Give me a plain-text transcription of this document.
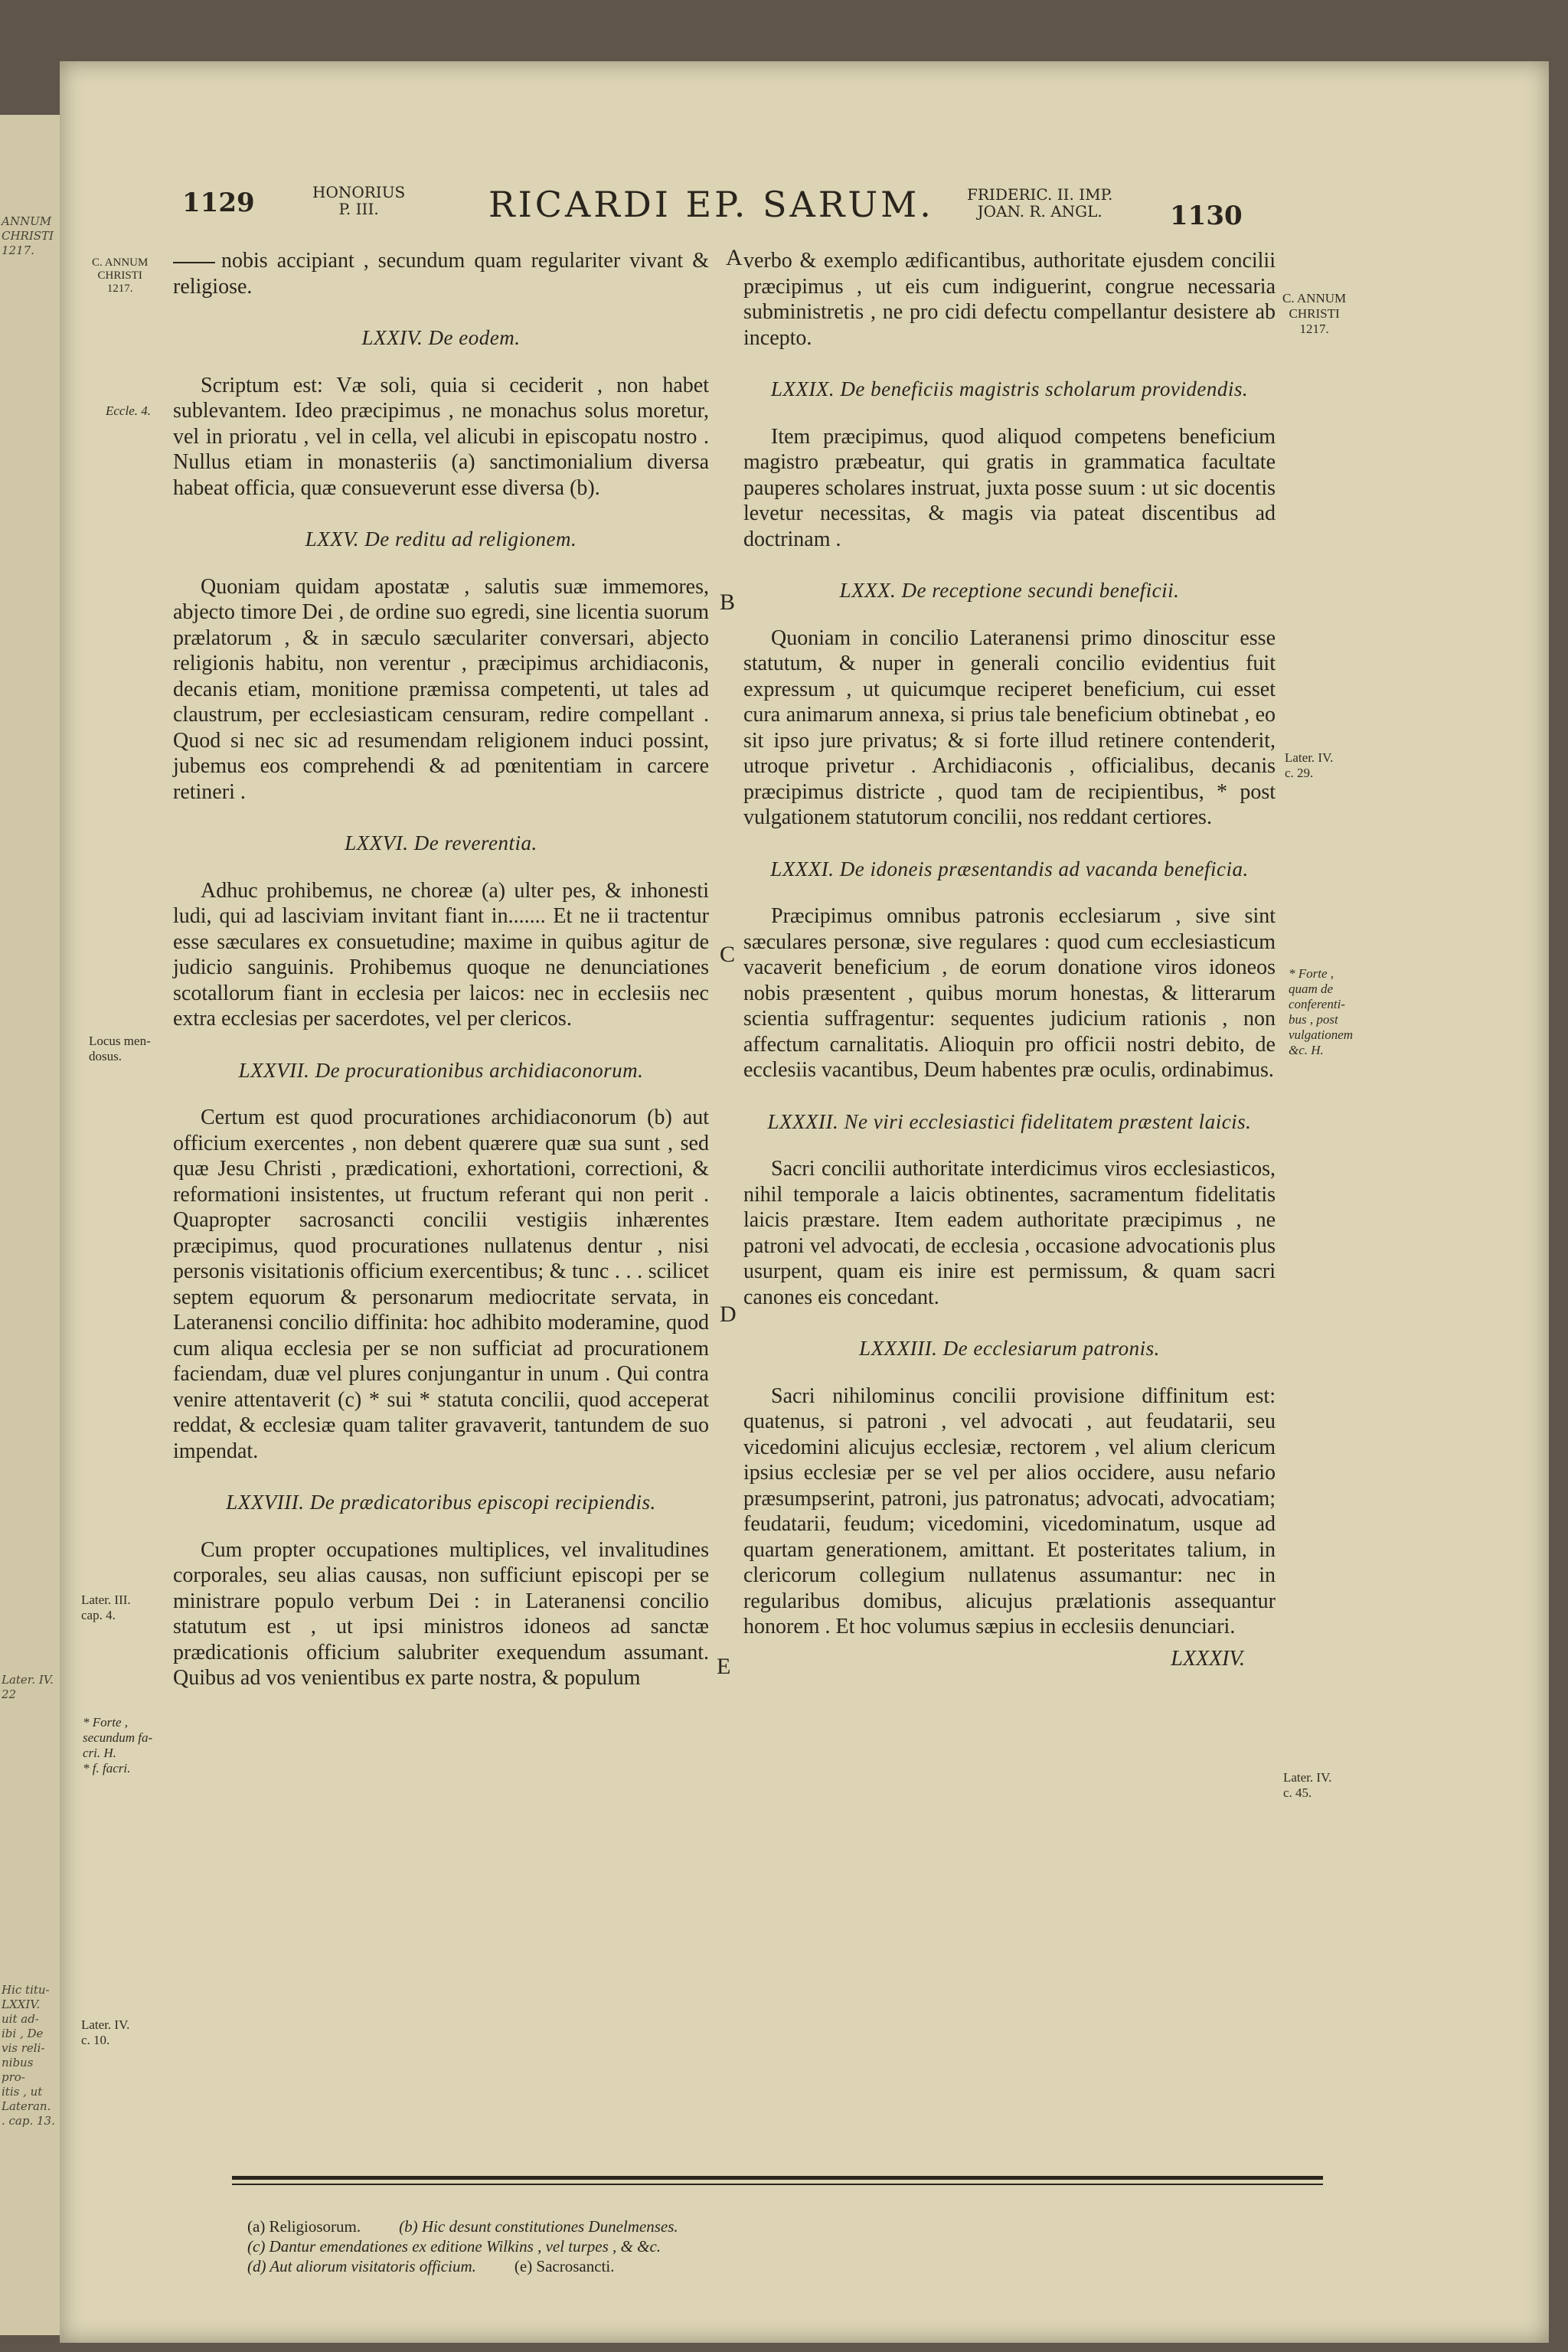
1129	HONORIUS
P. III.	RICARDI EP. SARUM. FRIDERIC. II. IMP.
JOAN. R. ANGL.	1130
C. ANNUM
CHRISTI
1217.
Eccle. 4.
Locus men-
dosus.
Later. III.
cap. 4.
* Forte ,
secundum fa-
cri. H.
* f. facri.
Later. IV.
c. 10.
C. ANNUM
CHRISTI
1217.
Later. IV.
c. 29.
* Forte ,
quam de
conferenti-
bus , post
vulgationem
&c. H.
Later. IV.
c. 45.
A
B
C
D
E

nobis accipiant , secundum quam regulariter vivant & religiose.

LXXIV. De eodem.

Scriptum est: Væ soli, quia si ceciderit , non habet sublevantem. Ideo præcipimus , ne monachus solus moretur, vel in prioratu , vel in cella, vel alicubi in episcopatu nostro . Nullus etiam in monasteriis (a) sanctimonialium diversa habeat officia, quæ consueverunt esse diversa (b).

LXXV. De reditu ad religionem.

Quoniam quidam apostatæ , salutis suæ immemores, abjecto timore Dei , de ordine suo egredi, sine licentia suorum prælatorum , & in sæculo sæculariter conversari, abjecto religionis habitu, non verentur , præcipimus archidiaconis, decanis etiam, monitione præmissa competenti, ut tales ad claustrum, per ecclesiasticam censuram, redire compellant . Quod si nec sic ad resumendam religionem induci possint, jubemus eos comprehendi & ad pœnitentiam in carcere retineri .

LXXVI. De reverentia.

Adhuc prohibemus, ne choreæ (a) ulter pes, & inhonesti ludi, qui ad lasciviam invitant fiant in....... Et ne ii tractentur esse sæculares ex consuetudine; maxime in quibus agitur de judicio sanguinis. Prohibemus quoque ne denunciationes scotallorum fiant in ecclesia per laicos: nec in ecclesiis nec extra ecclesias per sacerdotes, vel per clericos.

LXXVII. De procurationibus archidiaconorum.

Certum est quod procurationes archidiaconorum (b) aut officium exercentes , non debent quærere quæ sua sunt , sed quæ Jesu Christi , prædicationi, exhortationi, correctioni, & reformationi insistentes, ut fructum referant qui non perit . Quapropter sacrosancti concilii vestigiis inhærentes præcipimus, quod procurationes nullatenus dentur , nisi personis visitationis officium exercentibus; & tunc . . . scilicet septem equorum & personarum mediocritate servata, in Lateranensi concilio diffinita: hoc adhibito moderamine, quod cum aliqua ecclesia per se non sufficiat ad procurationem faciendam, duæ vel plures conjungantur in unum . Qui contra venire attentaverit (c) * sui * statuta concilii, quod acceperat reddat, & ecclesiæ quam taliter gravaverit, tantundem de suo impendat.

LXXVIII. De prædicatoribus episcopi recipiendis.

Cum propter occupationes multiplices, vel invalitudines corporales, seu alias causas, non sufficiunt episcopi per se ministrare populo verbum Dei : in Lateranensi concilio statutum est , ut ipsi ministros idoneos ad sanctæ prædicationis officium salubriter exequendum assumant. Quibus ad vos venientibus ex parte nostra, & populum

verbo & exemplo ædificantibus, authoritate ejusdem concilii præcipimus , ut eis cum indiguerint, congrue necessaria subministretis , ne pro cidi defectu compellantur desistere ab incepto.

LXXIX. De beneficiis magistris scholarum providendis.

Item præcipimus, quod aliquod competens beneficium magistro præbeatur, qui gratis in grammatica facultate pauperes scholares instruat, juxta posse suum : ut sic docentis levetur necessitas, & magis via pateat discentibus ad doctrinam .

LXXX. De receptione secundi beneficii.

Quoniam in concilio Lateranensi primo dinoscitur esse statutum, & nuper in generali concilio evidentius fuit expressum , ut quicumque reciperet beneficium, cui esset cura animarum annexa, si prius tale beneficium obtinebat , eo sit ipso jure privatus; & si forte illud retinere contenderit, utroque privetur . Archidiaconis , officialibus, decanis præcipimus districte , quod tam de recipientibus, * post vulgationem statutorum concilii, nos reddant certiores.

LXXXI. De idoneis præsentandis ad vacanda beneficia.

Præcipimus omnibus patronis ecclesiarum , sive sint sæculares personæ, sive regulares : quod cum ecclesiasticum vacaverit beneficium , de eorum donatione viros idoneos nobis præsentent , quibus morum honestas, & litterarum scientia suffragentur: sequentes judicium rationis , non affectum carnalitatis. Alioquin pro officii nostri debito, de ecclesiis vacantibus, Deum habentes præ oculis, ordinabimus.

LXXXII. Ne viri ecclesiastici fidelitatem præstent laicis.

Sacri concilii authoritate interdicimus viros ecclesiasticos, nihil temporale a laicis obtinentes, sacramentum fidelitatis laicis præstare. Item eadem authoritate præcipimus , ne patroni vel advocati, de ecclesia , occasione advocationis plus usurpent, quam eis inire est permissum, & quam sacri canones eis concedant.

LXXXIII. De ecclesiarum patronis.

Sacri nihilominus concilii provisione diffinitum est: quatenus, si patroni , vel advocati , aut feudatarii, seu vicedomini alicujus ecclesiæ, rectorem , vel alium clericum ipsius ecclesiæ per se vel per alios occidere, ausu nefario præsumpserint, patroni, jus patronatus; advocati, advocatiam; feudatarii, feudum; vicedomini, vicedominatum, usque ad quartam generationem, amittant. Et posteritates talium, in clericorum collegium nullatenus assumantur: nec in regularibus domibus, alicujus prælationis assequantur honorem . Et hoc volumus sæpius in ecclesiis denunciari.

LXXXIV.
(a) Religiosorum. (b) Hic desunt constitutiones Dunelmenses.
(c) Dantur emendationes ex editione Wilkins , vel turpes , & &c.
(d) Aut aliorum visitatoris officium. (e) Sacrosancti.
ANNUM
CHRISTI
1217.
Later. IV.
22
Hic titu-
LXXIV.
uit ad-
ibi , De
vis reli-
nibus pro-
itis , ut
Lateran.
. cap. 13.
